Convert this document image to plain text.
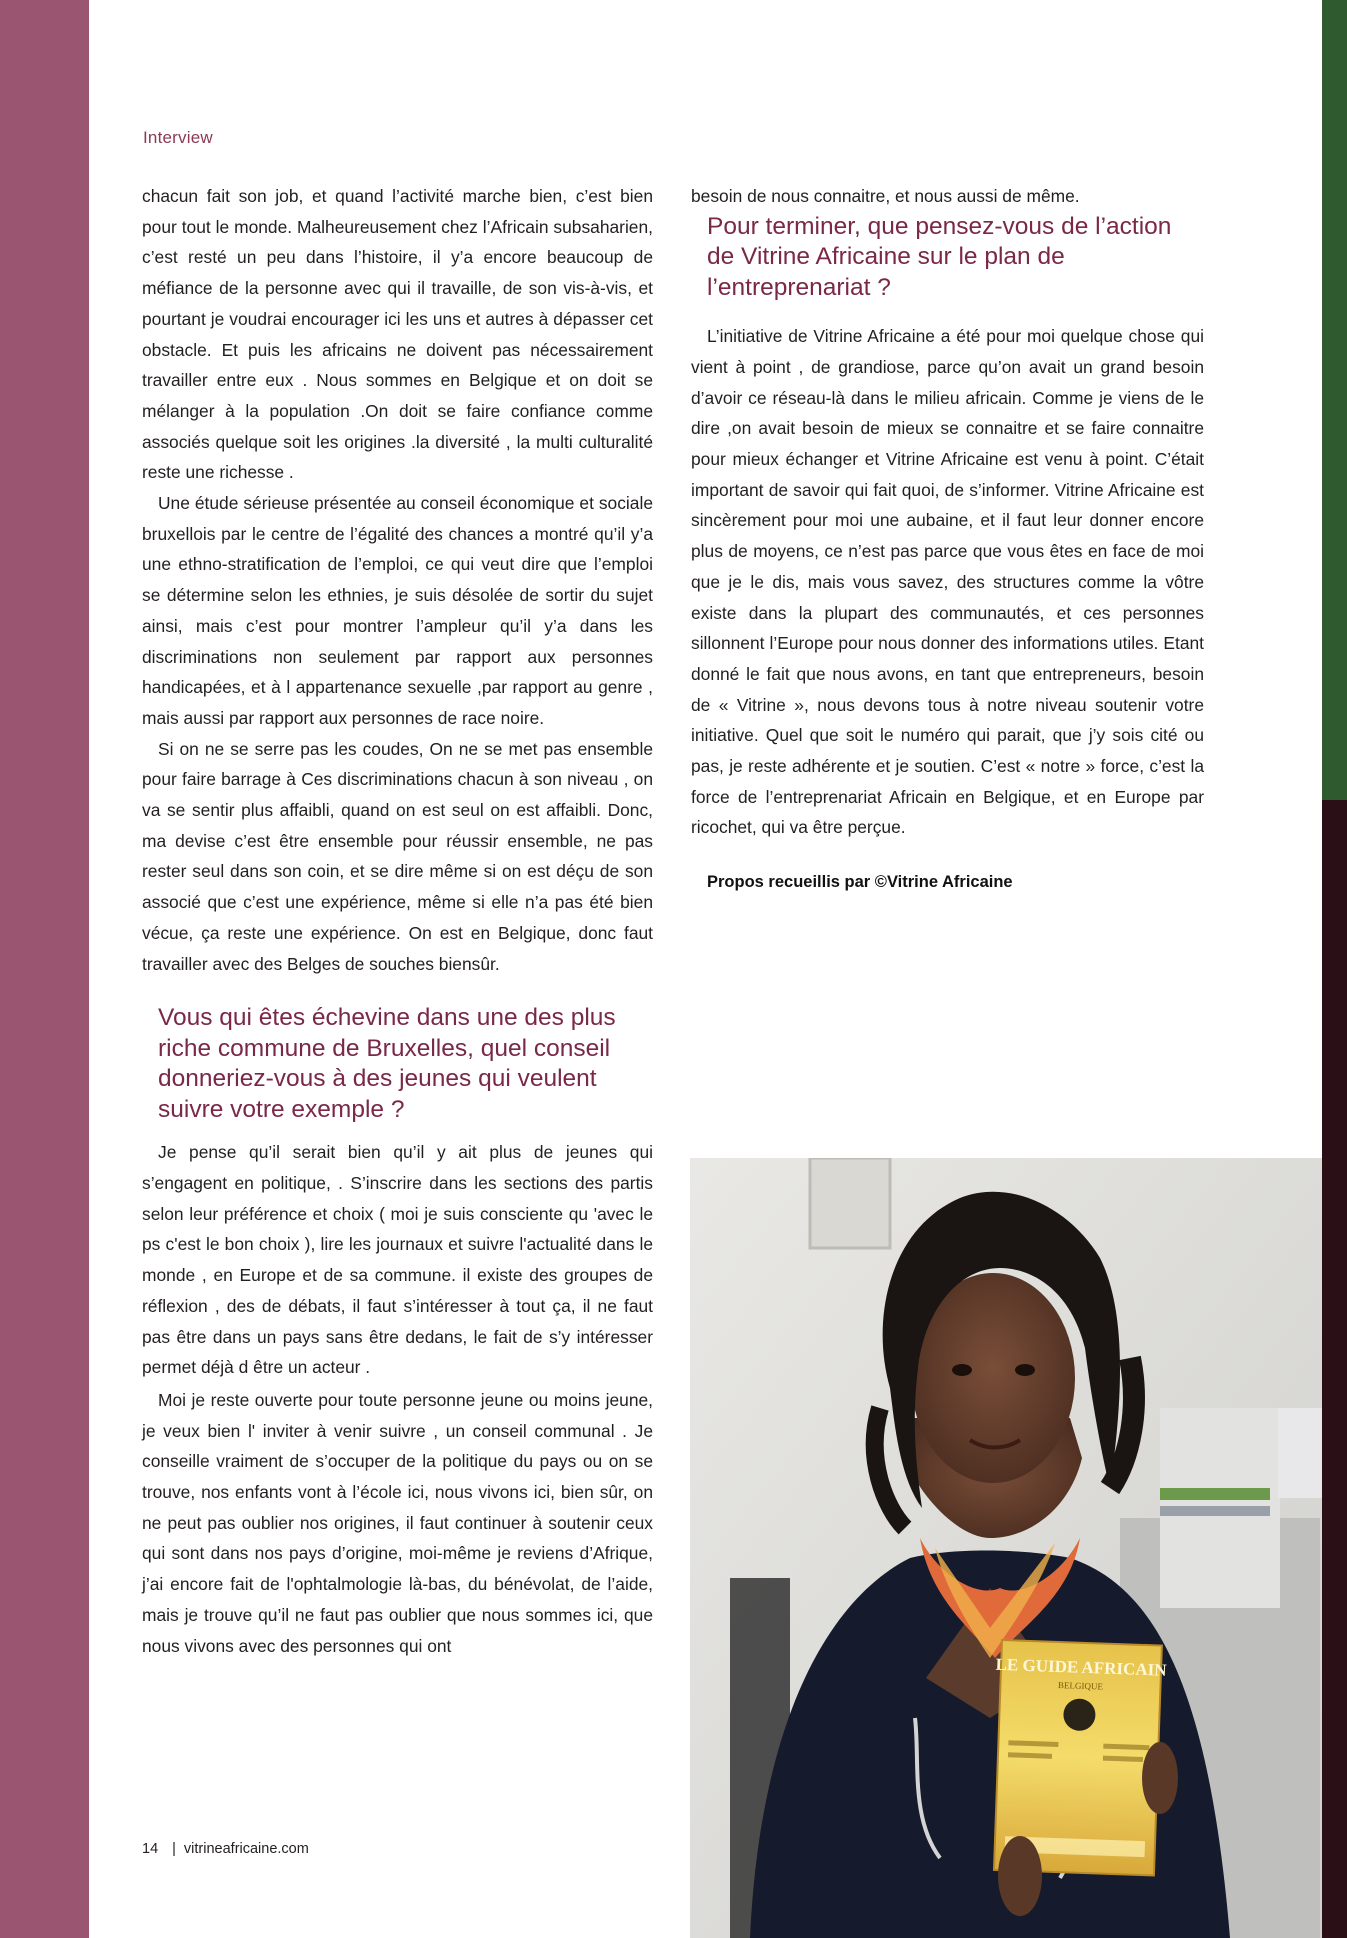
Interview

chacun fait son job, et quand l’activité marche bien, c’est bien pour tout le monde. Malheureusement chez l’Africain subsaharien, c’est resté un peu dans l’histoire, il y’a encore beaucoup de méfiance de la personne avec qui il travaille, de son vis-à-vis, et pourtant je voudrai encourager ici les uns et autres à dépasser cet obstacle. Et puis les africains ne doivent pas nécessairement travailler entre eux . Nous sommes en Belgique et on doit se mélanger à la population .On doit se faire confiance comme associés quelque soit les origines .la diversité , la multi culturalité reste une richesse .

Une étude sérieuse présentée au conseil économique et sociale bruxellois par le centre de l’égalité des chances a montré qu’il y’a une ethno-stratification de l’emploi, ce qui veut dire que l’emploi se détermine selon les ethnies, je suis désolée de sortir du sujet ainsi, mais c’est pour montrer l’ampleur qu’il y’a dans les discriminations non seulement par rapport aux personnes handicapées, et à l appartenance sexuelle ,par rapport au genre , mais aussi par rapport aux personnes de race noire.

Si on ne se serre pas les coudes, On ne se met pas ensemble pour faire barrage à Ces discriminations chacun à son niveau , on va se sentir plus affaibli, quand on est seul on est affaibli. Donc, ma devise c’est être ensemble pour réussir ensemble, ne pas rester seul dans son coin, et se dire même si on est déçu de son associé que c’est une expérience, même si elle n’a pas été bien vécue, ça reste une expérience. On est en Belgique, donc faut travailler avec des Belges de souches biensûr.

Vous qui êtes échevine dans une des plus riche commune de Bruxelles, quel conseil donneriez-vous à des jeunes qui veulent suivre votre exemple ?

Je pense qu’il serait bien qu’il y ait plus de jeunes qui s’engagent en politique, . S’inscrire dans les sections des partis selon leur préférence et choix ( moi je suis consciente qu 'avec le ps c'est le bon choix ), lire les journaux et suivre l'actualité dans le monde , en Europe et de sa commune. il existe des groupes de réflexion , des de débats, il faut s’intéresser à tout ça, il ne faut pas être dans un pays sans être dedans, le fait de s’y intéresser permet déjà d être un acteur .

Moi je reste ouverte pour toute personne jeune ou moins jeune, je veux bien l' inviter à venir suivre , un conseil communal . Je conseille vraiment de s’occuper de la politique du pays ou on se trouve, nos enfants vont à l’école ici, nous vivons ici, bien sûr, on ne peut pas oublier nos origines, il faut continuer à soutenir ceux qui sont dans nos pays d’origine, moi-même je reviens d’Afrique, j’ai encore fait de l'ophtalmologie là-bas, du bénévolat, de l’aide, mais je trouve qu’il ne faut pas oublier que nous sommes ici, que nous vivons avec des personnes qui ont

besoin de nous connaitre, et nous aussi de même.

Pour terminer, que pensez-vous de l’action de Vitrine Africaine sur le plan de l’entreprenariat ?

L’initiative de Vitrine Africaine a été pour moi quelque chose qui vient à point , de grandiose, parce qu’on avait un grand besoin d’avoir ce réseau-là dans le milieu africain. Comme je viens de le dire ,on avait besoin de mieux se connaitre et se faire connaitre pour mieux échanger et Vitrine Africaine est venu à point. C’était important de savoir qui fait quoi, de s’informer. Vitrine Africaine est sincèrement pour moi une aubaine, et il faut leur donner encore plus de moyens, ce n’est pas parce que vous êtes en face de moi que je le dis, mais vous savez, des structures comme la vôtre existe dans la plupart des communautés, et ces personnes sillonnent l’Europe pour nous donner des informations utiles. Etant donné le fait que nous avons, en tant que entrepreneurs, besoin de « Vitrine », nous devons tous à notre niveau soutenir votre initiative. Quel que soit le numéro qui parait, que j’y sois cité ou pas, je reste adhérente et je soutien. C’est « notre » force, c’est la force de l’entreprenariat Africain en Belgique, et en Europe par ricochet, qui va être perçue.

Propos recueillis par ©Vitrine Africaine

LE GUIDE AFRICAIN
BELGIQUE
14 | vitrineafricaine.com
